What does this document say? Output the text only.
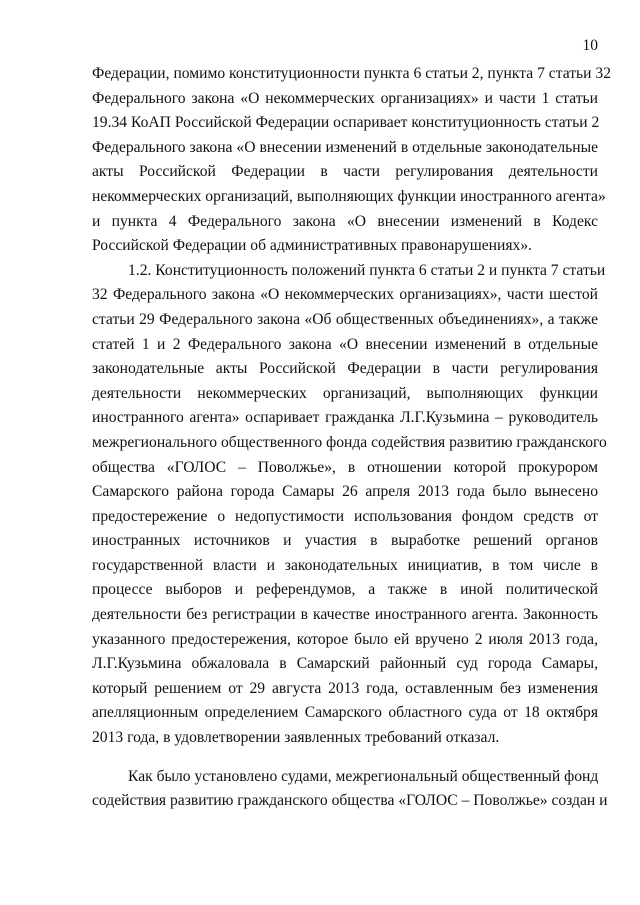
10
Федерации, помимо конституционности пункта 6 статьи 2, пункта 7 статьи 32
Федерального закона «О некоммерческих организациях» и части 1 статьи
19.34 КоАП Российской Федерации оспаривает конституционность статьи 2
Федерального закона «О внесении изменений в отдельные законодательные
акты Российской Федерации в части регулирования деятельности
некоммерческих организаций, выполняющих функции иностранного агента»
и пункта 4 Федерального закона «О внесении изменений в Кодекс
Российской Федерации об административных правонарушениях».
1.2. Конституционность положений пункта 6 статьи 2 и пункта 7 статьи
32 Федерального закона «О некоммерческих организациях», части шестой
статьи 29 Федерального закона «Об общественных объединениях», а также
статей 1 и 2 Федерального закона «О внесении изменений в отдельные
законодательные акты Российской Федерации в части регулирования
деятельности некоммерческих организаций, выполняющих функции
иностранного агента» оспаривает гражданка Л.Г.Кузьмина – руководитель
межрегионального общественного фонда содействия развитию гражданского
общества «ГОЛОС – Поволжье», в отношении которой прокурором
Самарского района города Самары 26 апреля 2013 года было вынесено
предостережение о недопустимости использования фондом средств от
иностранных источников и участия в выработке решений органов
государственной власти и законодательных инициатив, в том числе в
процессе выборов и референдумов, а также в иной политической
деятельности без регистрации в качестве иностранного агента. Законность
указанного предостережения, которое было ей вручено 2 июля 2013 года,
Л.Г.Кузьмина обжаловала в Самарский районный суд города Самары,
который решением от 29 августа 2013 года, оставленным без изменения
апелляционным определением Самарского областного суда от 18 октября
2013 года, в удовлетворении заявленных требований отказал.
Как было установлено судами, межрегиональный общественный фонд
содействия развитию гражданского общества «ГОЛОС – Поволжье» создан и
